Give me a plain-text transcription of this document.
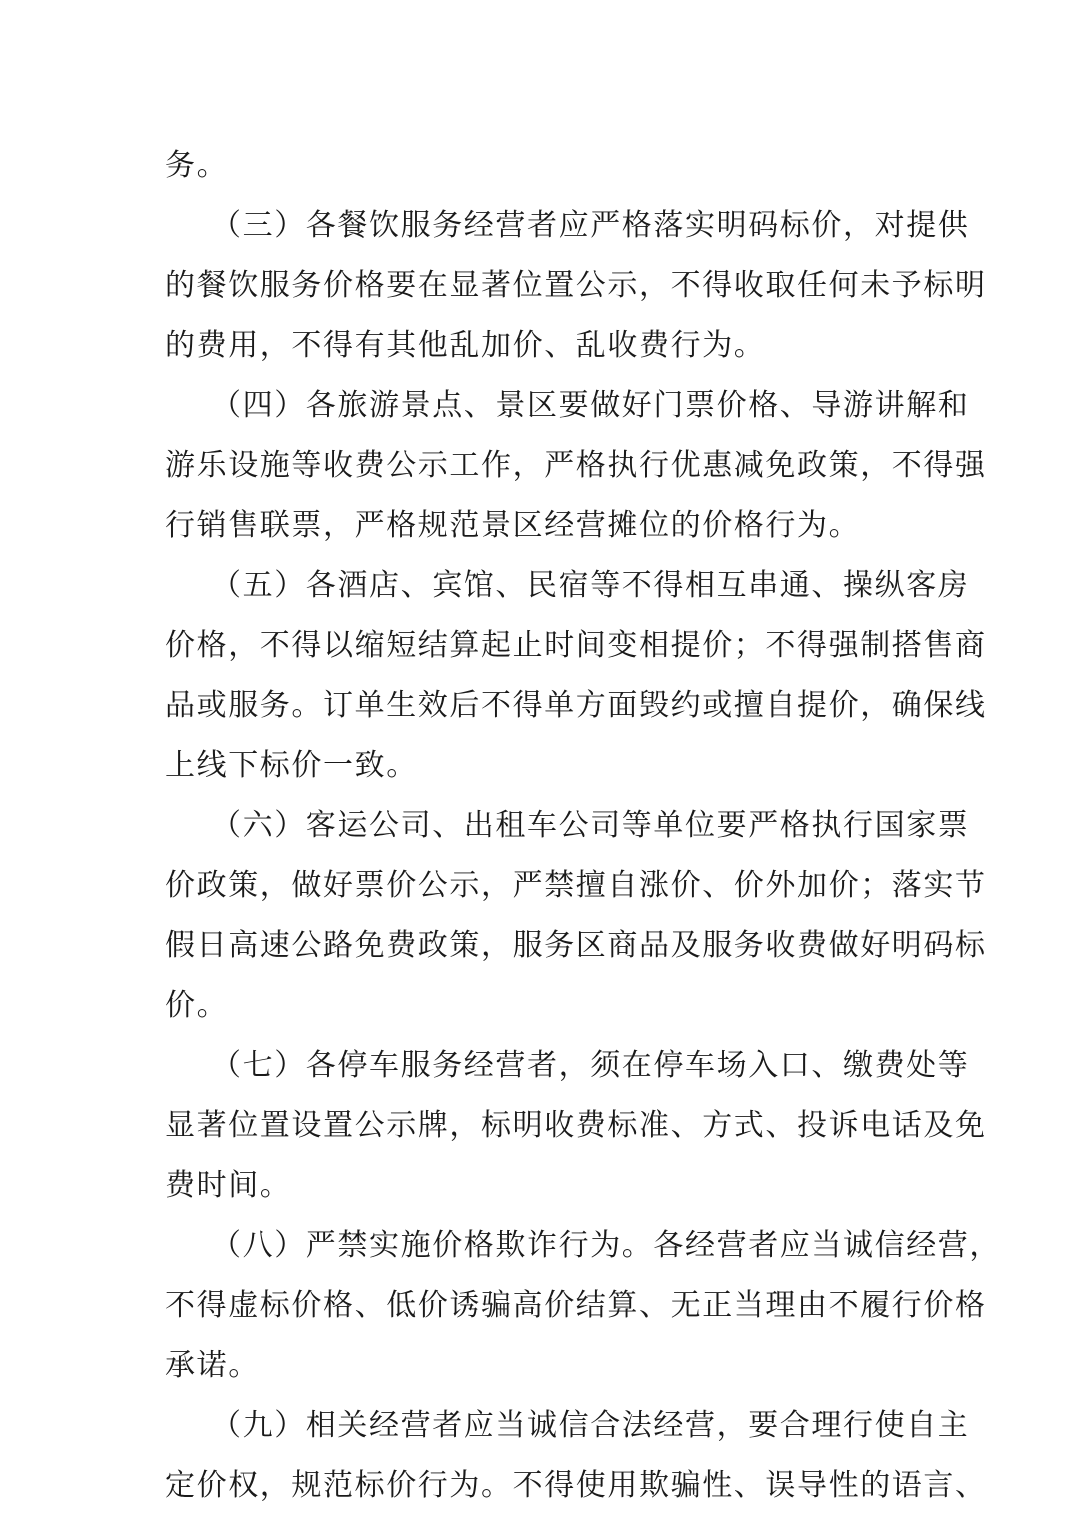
务。
（三）各餐饮服务经营者应严格落实明码标价，对提供
的餐饮服务价格要在显著位置公示，不得收取任何未予标明
的费用，不得有其他乱加价、乱收费行为。
（四）各旅游景点、景区要做好门票价格、导游讲解和
游乐设施等收费公示工作，严格执行优惠减免政策，不得强
行销售联票，严格规范景区经营摊位的价格行为。
（五）各酒店、宾馆、民宿等不得相互串通、操纵客房
价格，不得以缩短结算起止时间变相提价；不得强制搭售商
品或服务。订单生效后不得单方面毁约或擅自提价，确保线
上线下标价一致。
（六）客运公司、出租车公司等单位要严格执行国家票
价政策，做好票价公示，严禁擅自涨价、价外加价；落实节
假日高速公路免费政策，服务区商品及服务收费做好明码标
价。
（七）各停车服务经营者，须在停车场入口、缴费处等
显著位置设置公示牌，标明收费标准、方式、投诉电话及免
费时间。
（八）严禁实施价格欺诈行为。各经营者应当诚信经营，
不得虚标价格、低价诱骗高价结算、无正当理由不履行价格
承诺。
（九）相关经营者应当诚信合法经营，要合理行使自主
定价权，规范标价行为。不得使用欺骗性、误导性的语言、
